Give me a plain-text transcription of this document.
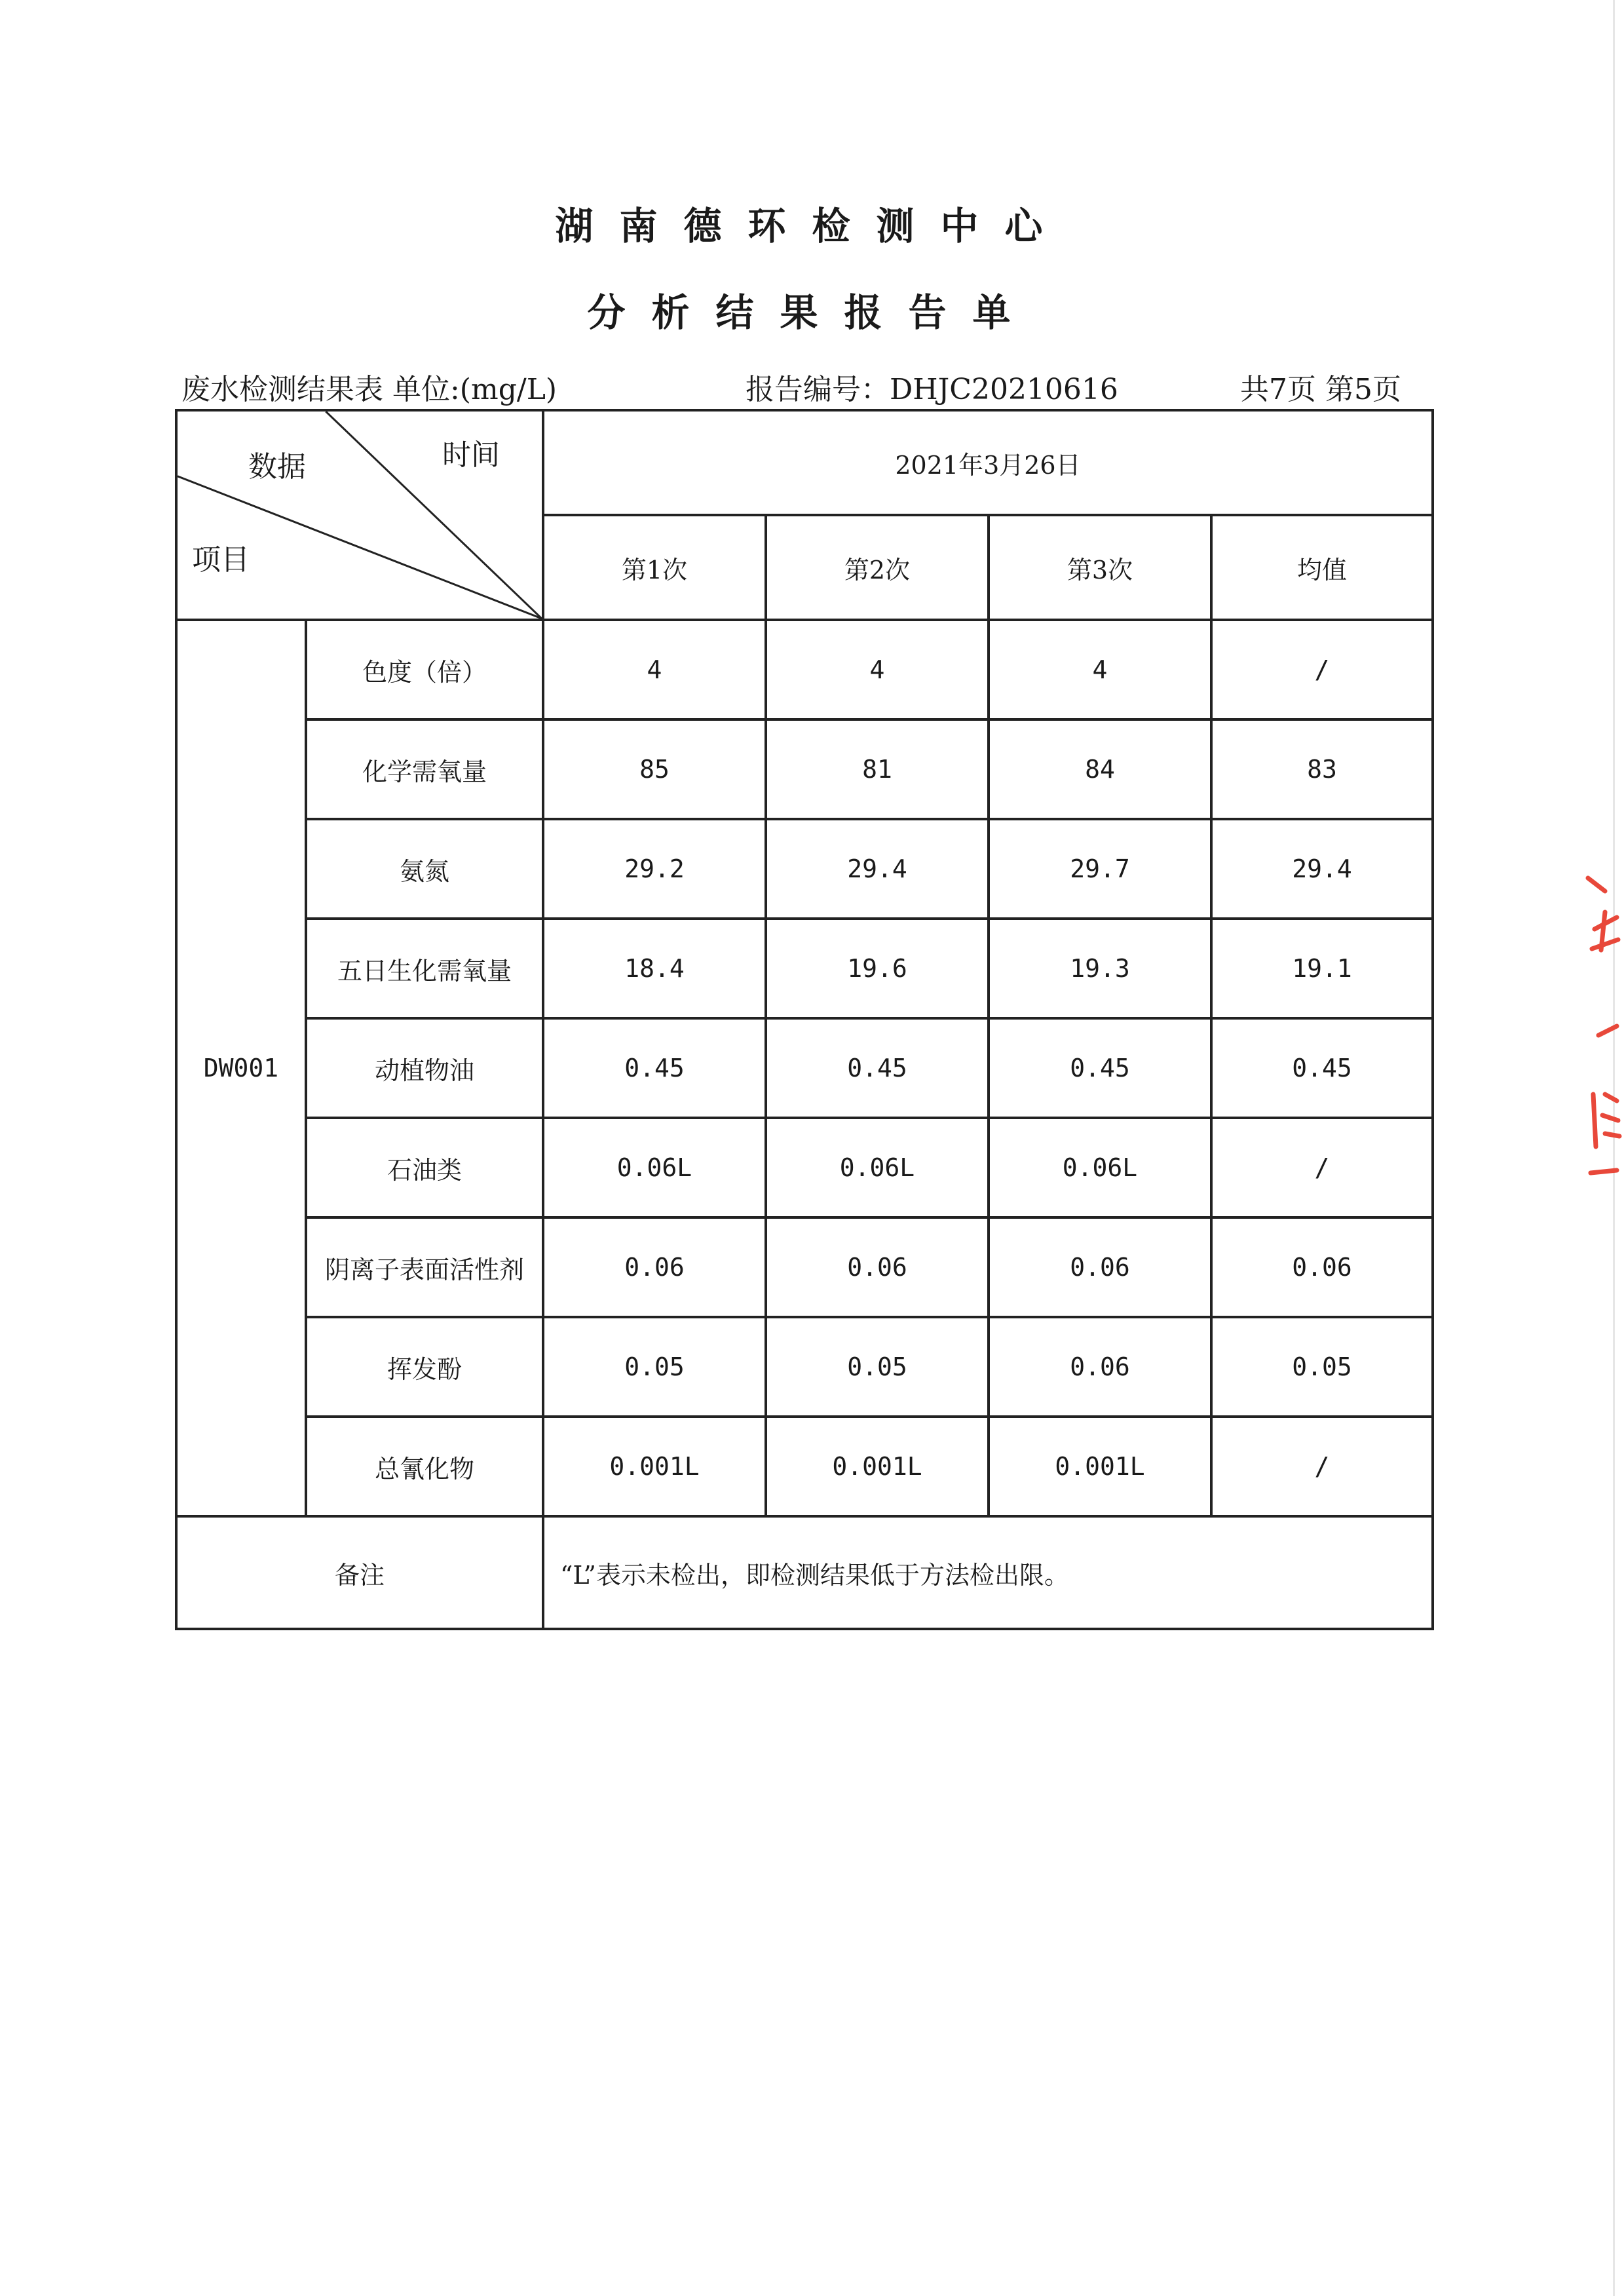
湖南德环检测中心
分析结果报告单
废水检测结果表 单位:(mg/L)	报告编号：DHJC20210616	共7页 第5页
数据 时间
项目		2021年3月26日			
		第1次	第2次	第3次	均值
DW001	色度（倍）	4	4	4	/
	化学需氧量	85	81	84	83
	氨氮	29.2	29.4	29.7	29.4
	五日生化需氧量	18.4	19.6	19.3	19.1
	动植物油	0.45	0.45	0.45	0.45
	石油类	0.06L	0.06L	0.06L	/
	阴离子表面活性剂	0.06	0.06	0.06	0.06
	挥发酚	0.05	0.05	0.06	0.05
	总氰化物	0.001L	0.001L	0.001L	/
备注		“L”表示未检出，即检测结果低于方法检出限。			
